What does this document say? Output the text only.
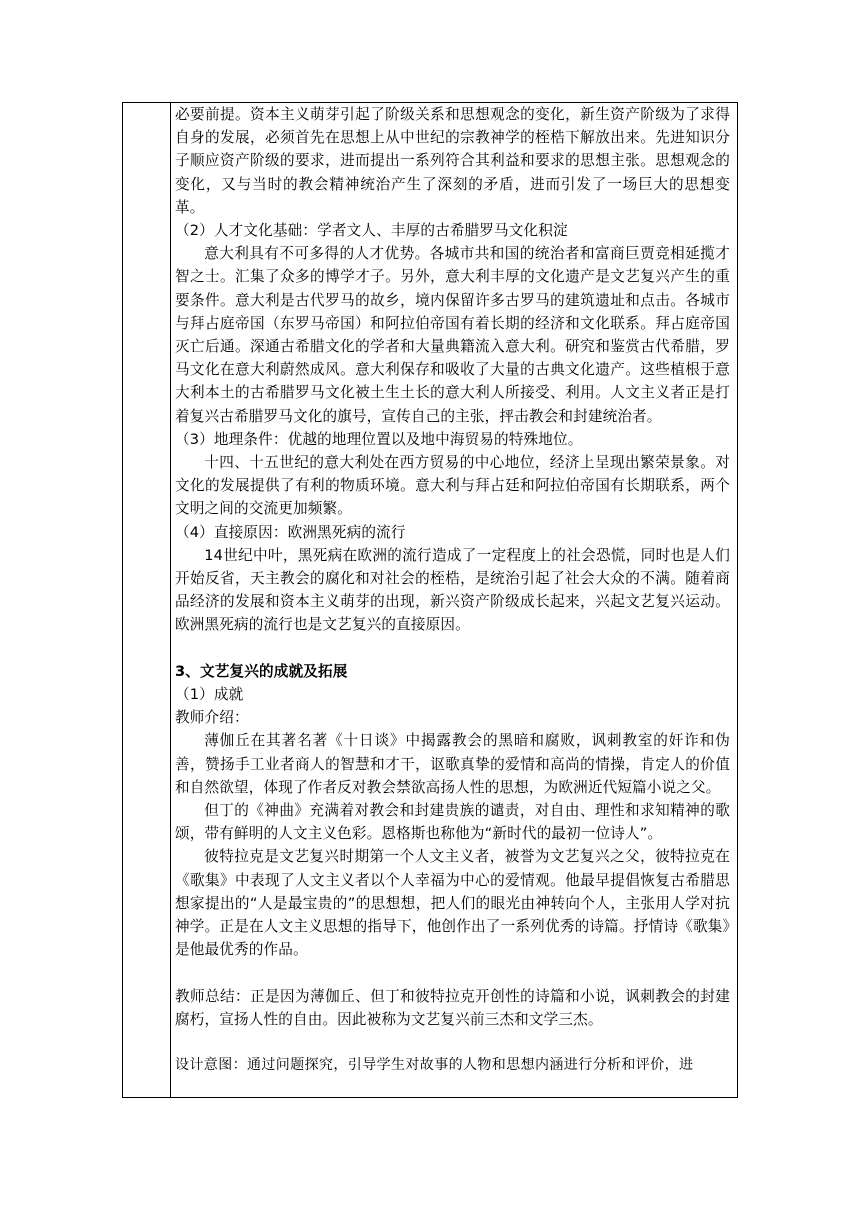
必要前提。资本主义萌芽引起了阶级关系和思想观念的变化，新生资产阶级为了求得自身的发展，必须首先在思想上从中世纪的宗教神学的桎梏下解放出来。先进知识分子顺应资产阶级的要求，进而提出一系列符合其利益和要求的思想主张。思想观念的变化，又与当时的教会精神统治产生了深刻的矛盾，进而引发了一场巨大的思想变革。

（2）人才文化基础：学者文人、丰厚的古希腊罗马文化积淀

意大利具有不可多得的人才优势。各城市共和国的统治者和富商巨贾竞相延揽才智之士。汇集了众多的博学才子。另外，意大利丰厚的文化遗产是文艺复兴产生的重要条件。意大利是古代罗马的故乡，境内保留许多古罗马的建筑遗址和点击。各城市与拜占庭帝国（东罗马帝国）和阿拉伯帝国有着长期的经济和文化联系。拜占庭帝国灭亡后通。深通古希腊文化的学者和大量典籍流入意大利。研究和鉴赏古代希腊，罗马文化在意大利蔚然成风。意大利保存和吸收了大量的古典文化遗产。这些植根于意大利本土的古希腊罗马文化被土生土长的意大利人所接受、利用。人文主义者正是打着复兴古希腊罗马文化的旗号，宣传自己的主张，抨击教会和封建统治者。

（3）地理条件：优越的地理位置以及地中海贸易的特殊地位。

十四、十五世纪的意大利处在西方贸易的中心地位，经济上呈现出繁荣景象。对文化的发展提供了有利的物质环境。意大利与拜占廷和阿拉伯帝国有长期联系，两个文明之间的交流更加频繁。

（4）直接原因：欧洲黑死病的流行

14世纪中叶，黑死病在欧洲的流行造成了一定程度上的社会恐慌，同时也是人们开始反省，天主教会的腐化和对社会的桎梏，是统治引起了社会大众的不满。随着商品经济的发展和资本主义萌芽的出现，新兴资产阶级成长起来，兴起文艺复兴运动。欧洲黑死病的流行也是文艺复兴的直接原因。

3、文艺复兴的成就及拓展

（1）成就

教师介绍：

薄伽丘在其著名著《十日谈》中揭露教会的黑暗和腐败，讽刺教室的奸诈和伪善，赞扬手工业者商人的智慧和才干，讴歌真挚的爱情和高尚的情操，肯定人的价值和自然欲望，体现了作者反对教会禁欲高扬人性的思想，为欧洲近代短篇小说之父。

但丁的《神曲》充满着对教会和封建贵族的谴责，对自由、理性和求知精神的歌颂，带有鲜明的人文主义色彩。恩格斯也称他为“新时代的最初一位诗人”。

彼特拉克是文艺复兴时期第一个人文主义者，被誉为文艺复兴之父，彼特拉克在《歌集》中表现了人文主义者以个人幸福为中心的爱情观。他最早提倡恢复古希腊思想家提出的“人是最宝贵的”的思想想，把人们的眼光由神转向个人，主张用人学对抗神学。正是在人文主义思想的指导下，他创作出了一系列优秀的诗篇。抒情诗《歌集》是他最优秀的作品。

教师总结：正是因为薄伽丘、但丁和彼特拉克开创性的诗篇和小说，讽刺教会的封建腐朽，宣扬人性的自由。因此被称为文艺复兴前三杰和文学三杰。

设计意图：通过问题探究，引导学生对故事的人物和思想内涵进行分析和评价，进
